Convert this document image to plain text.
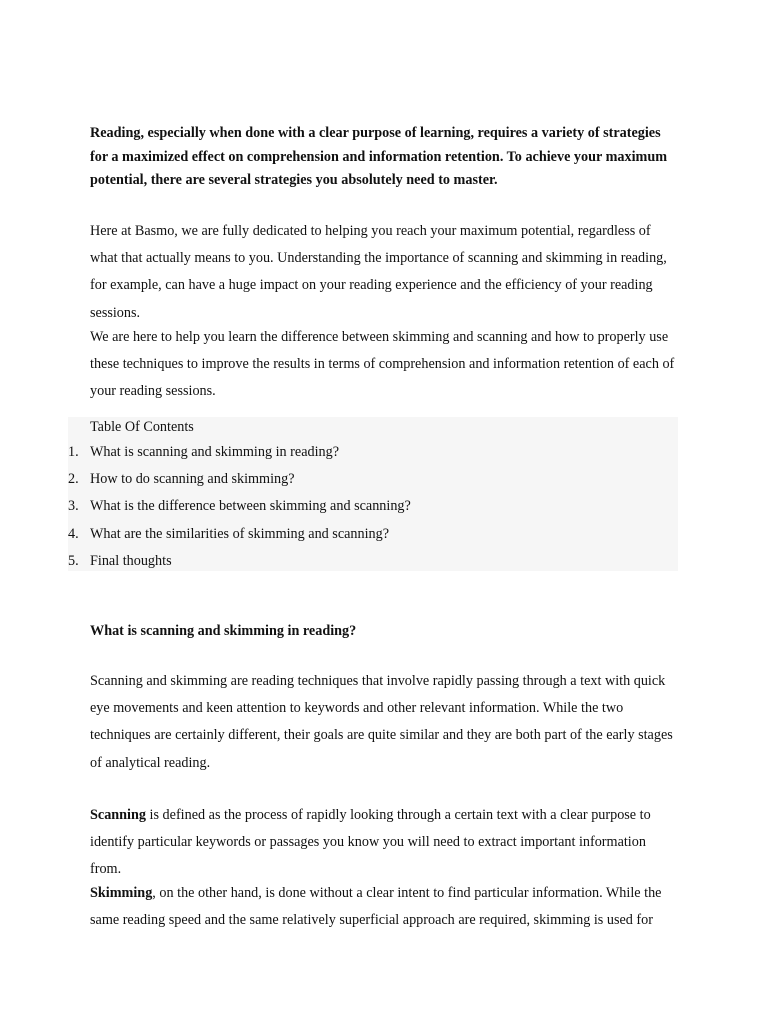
Reading, especially when done with a clear purpose of learning, requires a variety of strategies for a maximized effect on comprehension and information retention. To achieve your maximum potential, there are several strategies you absolutely need to master.

Here at Basmo, we are fully dedicated to helping you reach your maximum potential, regardless of what that actually means to you. Understanding the importance of scanning and skimming in reading, for example, can have a huge impact on your reading experience and the efficiency of your reading sessions.

We are here to help you learn the difference between skimming and scanning and how to properly use these techniques to improve the results in terms of comprehension and information retention of each of your reading sessions.

Table Of Contents
1. What is scanning and skimming in reading?
2. How to do scanning and skimming?
3. What is the difference between skimming and scanning?
4. What are the similarities of skimming and scanning?
5. Final thoughts
What is scanning and skimming in reading?

Scanning and skimming are reading techniques that involve rapidly passing through a text with quick eye movements and keen attention to keywords and other relevant information. While the two techniques are certainly different, their goals are quite similar and they are both part of the early stages of analytical reading.

Scanning is defined as the process of rapidly looking through a certain text with a clear purpose to identify particular keywords or passages you know you will need to extract important information from.

Skimming, on the other hand, is done without a clear intent to find particular information. While the same reading speed and the same relatively superficial approach are required, skimming is used for
